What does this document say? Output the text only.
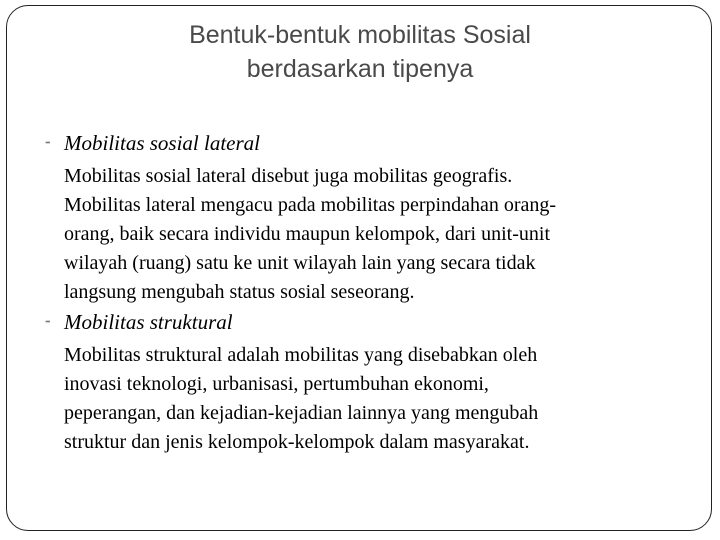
Bentuk-bentuk mobilitas Sosial
berdasarkan tipenya
⁃ Mobilitas sosial lateral
Mobilitas sosial lateral disebut juga mobilitas geografis.
Mobilitas lateral mengacu pada mobilitas perpindahan orang-
orang, baik secara individu maupun kelompok, dari unit-unit
wilayah (ruang) satu ke unit wilayah lain yang secara tidak
langsung mengubah status sosial seseorang.
⁃ Mobilitas struktural
Mobilitas struktural adalah mobilitas yang disebabkan oleh
inovasi teknologi, urbanisasi, pertumbuhan ekonomi,
peperangan, dan kejadian-kejadian lainnya yang mengubah
struktur dan jenis kelompok-kelompok dalam masyarakat.
